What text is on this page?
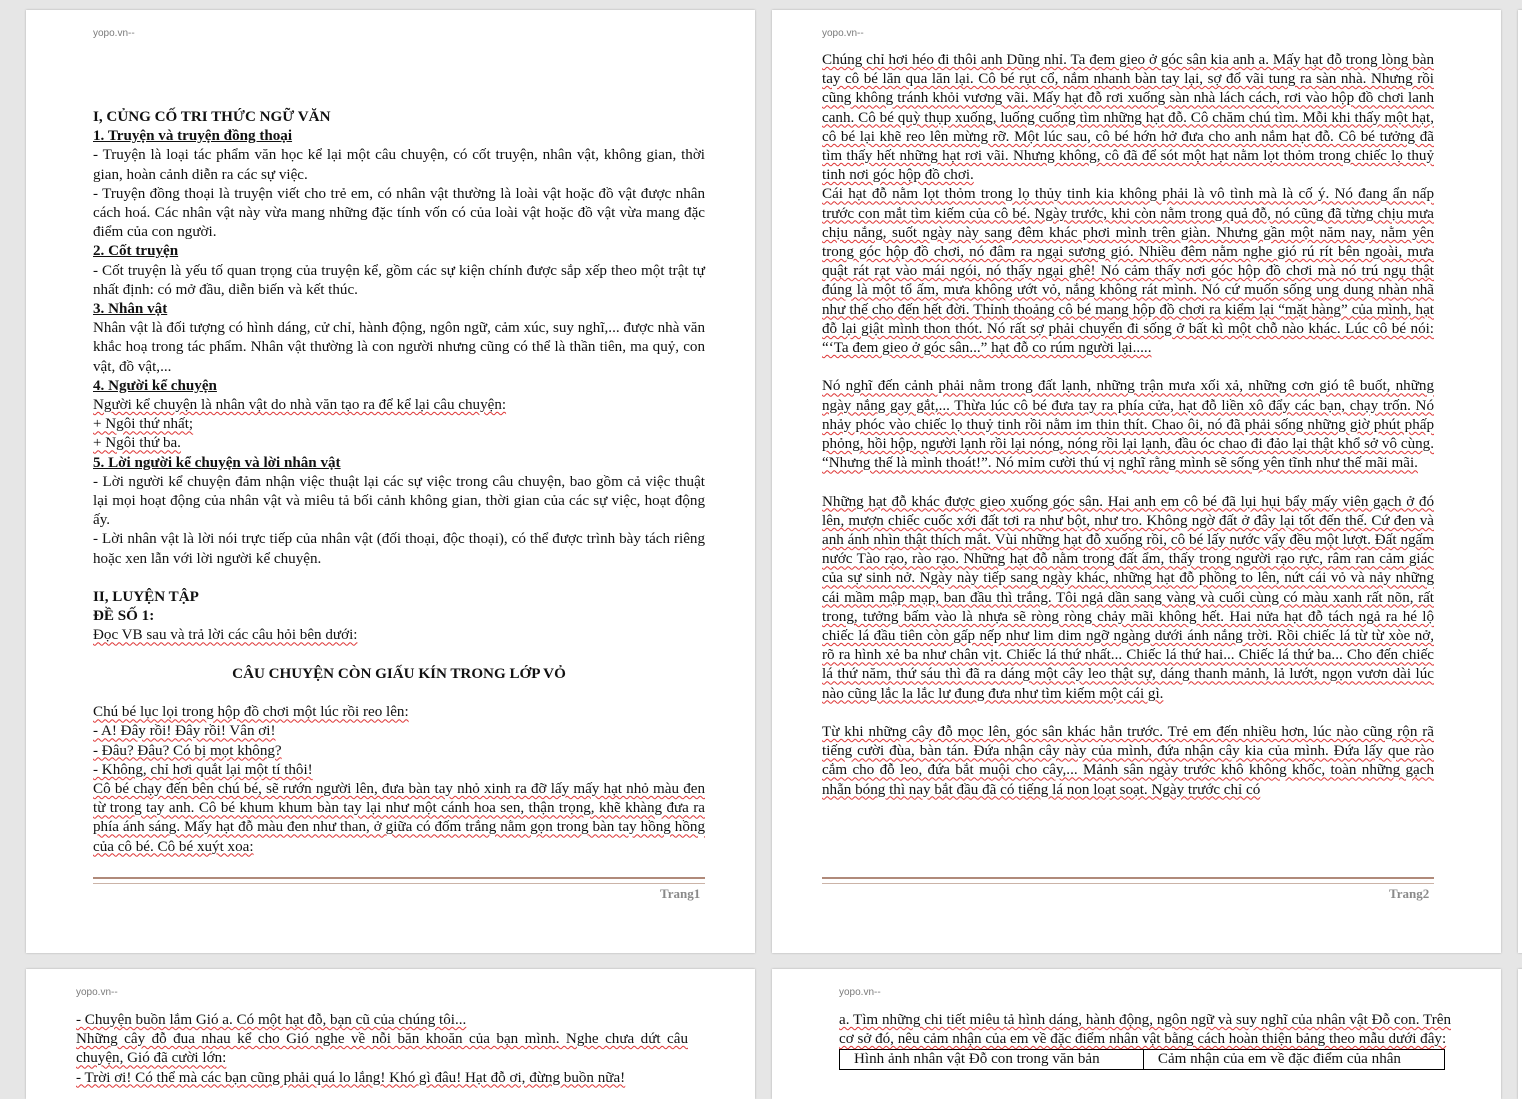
yopo.vn--

I, CỦNG CỐ TRI THỨC NGỮ VĂN

1. Truyện và truyện đồng thoại

- Truyện là loại tác phẩm văn học kể lại một câu chuyện, có cốt truyện, nhân vật, không gian, thời gian, hoàn cảnh diễn ra các sự việc.

- Truyện đồng thoại là truyện viết cho trẻ em, có nhân vật thường là loài vật hoặc đồ vật được nhân cách hoá. Các nhân vật này vừa mang những đặc tính vốn có của loài vật hoặc đồ vật vừa mang đặc điểm của con người.

2. Cốt truyện

- Cốt truyện là yếu tố quan trọng của truyện kể, gồm các sự kiện chính được sắp xếp theo một trật tự nhất định: có mở đầu, diễn biến và kết thúc.

3. Nhân vật

Nhân vật là đối tượng có hình dáng, cử chỉ, hành động, ngôn ngữ, cảm xúc, suy nghĩ,... được nhà văn khắc hoạ trong tác phẩm. Nhân vật thường là con người nhưng cũng có thể là thần tiên, ma quỷ, con vật, đồ vật,...

4. Người kể chuyện

Người kể chuyện là nhân vật do nhà văn tạo ra để kể lại câu chuyện:

+ Ngôi thứ nhất;

+ Ngôi thứ ba.

5. Lời người kể chuyện và lời nhân vật

- Lời người kể chuyện đảm nhận việc thuật lại các sự việc trong câu chuyện, bao gồm cả việc thuật lại mọi hoạt động của nhân vật và miêu tả bối cảnh không gian, thời gian của các sự việc, hoạt động ấy.

- Lời nhân vật là lời nói trực tiếp của nhân vật (đối thoại, độc thoại), có thể được trình bày tách riêng hoặc xen lẫn với lời người kể chuyện.

II, LUYỆN TẬP

ĐỀ SỐ 1:

Đọc VB sau và trả lời các câu hỏi bên dưới:

CÂU CHUYỆN CÒN GIẤU KÍN TRONG LỚP VỎ

Chú bé lục lọi trong hộp đồ chơi một lúc rồi reo lên:

- A! Đây rồi! Đây rồi! Vân ơi!

- Đâu? Đâu? Có bị mọt không?

- Không, chỉ hơi quắt lại một tí thôi!

Cô bé chạy đến bên chú bé, sẽ rướn người lên, đưa bàn tay nhỏ xinh ra đỡ lấy mấy hạt nhỏ màu đen từ trong tay anh. Cô bé khum khum bàn tay lại như một cánh hoa sen, thận trọng, khẽ khàng đưa ra phía ánh sáng. Mấy hạt đỗ màu đen như than, ở giữa có đốm trắng nằm gọn trong bàn tay hồng hồng của cô bé. Cô bé xuýt xoa:

Trang1
yopo.vn--

Chúng chỉ hơi héo đi thôi anh Dũng nhỉ. Ta đem gieo ở góc sân kia anh a. Mấy hạt đỗ trong lòng bàn tay cô bé lăn qua lăn lại. Cô bé rụt cổ, nắm nhanh bàn tay lại, sợ đổ vãi tung ra sàn nhà. Nhưng rồi cũng không tránh khỏi vương vãi. Mấy hạt đỗ rơi xuống sàn nhà lách cách, rơi vào hộp đồ chơi lanh canh. Cô bé quỳ thụp xuống, luống cuống tìm những hạt đỗ. Cô chăm chú tìm. Mỗi khi thấy một hạt, cô bé lại khẽ reo lên mừng rỡ. Một lúc sau, cô bé hớn hở đưa cho anh nắm hạt đỗ. Cô bé tưởng đã tìm thấy hết những hạt rơi vãi. Nhưng không, cô đã để sót một hạt nằm lọt thỏm trong chiếc lọ thuỷ tinh nơi góc hộp đồ chơi.

Cái hạt đỗ nằm lọt thỏm trong lọ thủy tinh kia không phải là vô tình mà là cố ý. Nó đang ẩn nấp trước con mắt tìm kiếm của cô bé. Ngày trước, khi còn nằm trong quả đỗ, nó cũng đã từng chịu mưa chịu nắng, suốt ngày này sang đêm khác phơi mình trên giàn. Nhưng gần một năm nay, nằm yên trong góc hộp đồ chơi, nó đâm ra ngại sương gió. Nhiều đêm nằm nghe gió rú rít bên ngoài, mưa quật rát rạt vào mái ngói, nó thấy ngại ghê! Nó cảm thấy nơi góc hộp đồ chơi mà nó trú ngụ thật đúng là một tổ ấm, mưa không ướt vỏ, nắng không rát mình. Nó cứ muốn sống ung dung nhàn nhã như thế cho đến hết đời. Thỉnh thoảng cô bé mang hộp đồ chơi ra kiểm lại “mặt hàng” của mình, hạt đỗ lại giật mình thon thót. Nó rất sợ phải chuyển đi sống ở bất kì một chỗ nào khác. Lúc cô bé nói: “‘Ta đem gieo ở góc sân...” hạt đỗ co rúm người lại.....

Nó nghĩ đến cảnh phải nằm trong đất lạnh, những trận mưa xối xả, những cơn gió tê buốt, những ngày nắng gay gắt,... Thừa lúc cô bé đưa tay ra phía cửa, hạt đỗ liền xô đẩy các bạn, chạy trốn. Nó nhảy phóc vào chiếc lọ thuỷ tinh rồi nằm im thin thít. Chao ôi, nó đã phải sống những giờ phút phấp phỏng, hồi hộp, người lạnh rồi lại nóng, nóng rồi lại lạnh, đầu óc chao đi đảo lại thật khổ sở vô cùng. “Nhưng thế là mình thoát!”. Nó mỉm cười thú vị nghĩ rằng mình sẽ sống yên tĩnh như thế mãi mãi.

Những hạt đỗ khác được gieo xuống góc sân. Hai anh em cô bé đã lụi hụi bẩy mấy viên gạch ở đó lên, mượn chiếc cuốc xới đất tơi ra như bột, như tro. Không ngờ đất ở đây lại tốt đến thế. Cứ đen và anh ánh nhìn thật thích mắt. Vùi những hạt đỗ xuống rồi, cô bé lấy nước vẩy đều một lượt. Đất ngấm nước Tào rạo, rào rạo. Những hạt đỗ nằm trong đất ẩm, thấy trong người rạo rực, râm ran cảm giác của sự sinh nở. Ngày này tiếp sang ngày khác, những hạt đỗ phồng to lên, nứt cái vỏ và nảy những cái mầm mập mạp, ban đầu thì trắng. Tôi ngả dần sang vàng và cuối cùng có màu xanh rất nõn, rất trong, tưởng bấm vào là nhựa sẽ ròng ròng chảy mãi không hết. Hai nửa hạt đỗ tách ngả ra hé lộ chiếc lá đầu tiên còn gấp nếp như lim dim ngỡ ngàng dưới ánh nắng trời. Rồi chiếc lá từ từ xòe nở, rõ ra hình xẻ ba như chân vịt. Chiếc lá thứ nhất... Chiếc lá thứ hai... Chiếc lá thứ ba... Cho đến chiếc lá thứ năm, thứ sáu thì đã ra dáng một cây leo thật sự, dáng thanh mảnh, lả lướt, ngọn vươn dài lúc nào cũng lắc la lắc lư đung đưa như tìm kiếm một cái gì.

Từ khi những cây đỗ mọc lên, góc sân khác hẳn trước. Trẻ em đến nhiều hơn, lúc nào cũng rộn rã tiếng cười đùa, bàn tán. Đứa nhận cây này của mình, đứa nhận cây kia của mình. Đứa lấy que rào cắm cho đỗ leo, đứa bắt muội cho cây,... Mảnh sân ngày trước khô không khốc, toàn những gạch nhẵn bóng thì nay bắt đầu đã có tiếng lá non loạt soạt. Ngày trước chỉ có

Trang2
yopo.vn--

- Chuyện buồn lắm Gió a. Có một hạt đỗ, bạn cũ của chúng tôi...

Những cây đỗ đua nhau kể cho Gió nghe về nỗi băn khoăn của bạn mình. Nghe chưa dứt câu chuyện, Gió đã cười lớn:

- Trời ơi! Có thể mà các bạn cũng phải quá lo lắng! Khó gì đâu! Hạt đỗ ơi, đừng buồn nữa!

yopo.vn--

a. Tìm những chi tiết miêu tả hình dáng, hành động, ngôn ngữ và suy nghĩ của nhân vật Đỗ con. Trên cơ sở đó, nêu cảm nhận của em về đặc điểm nhân vật bằng cách hoàn thiện bảng theo mẫu dưới đây:

Hình ảnh nhân vật Đỗ con trong văn bản	Cảm nhận của em về đặc điểm của nhân
